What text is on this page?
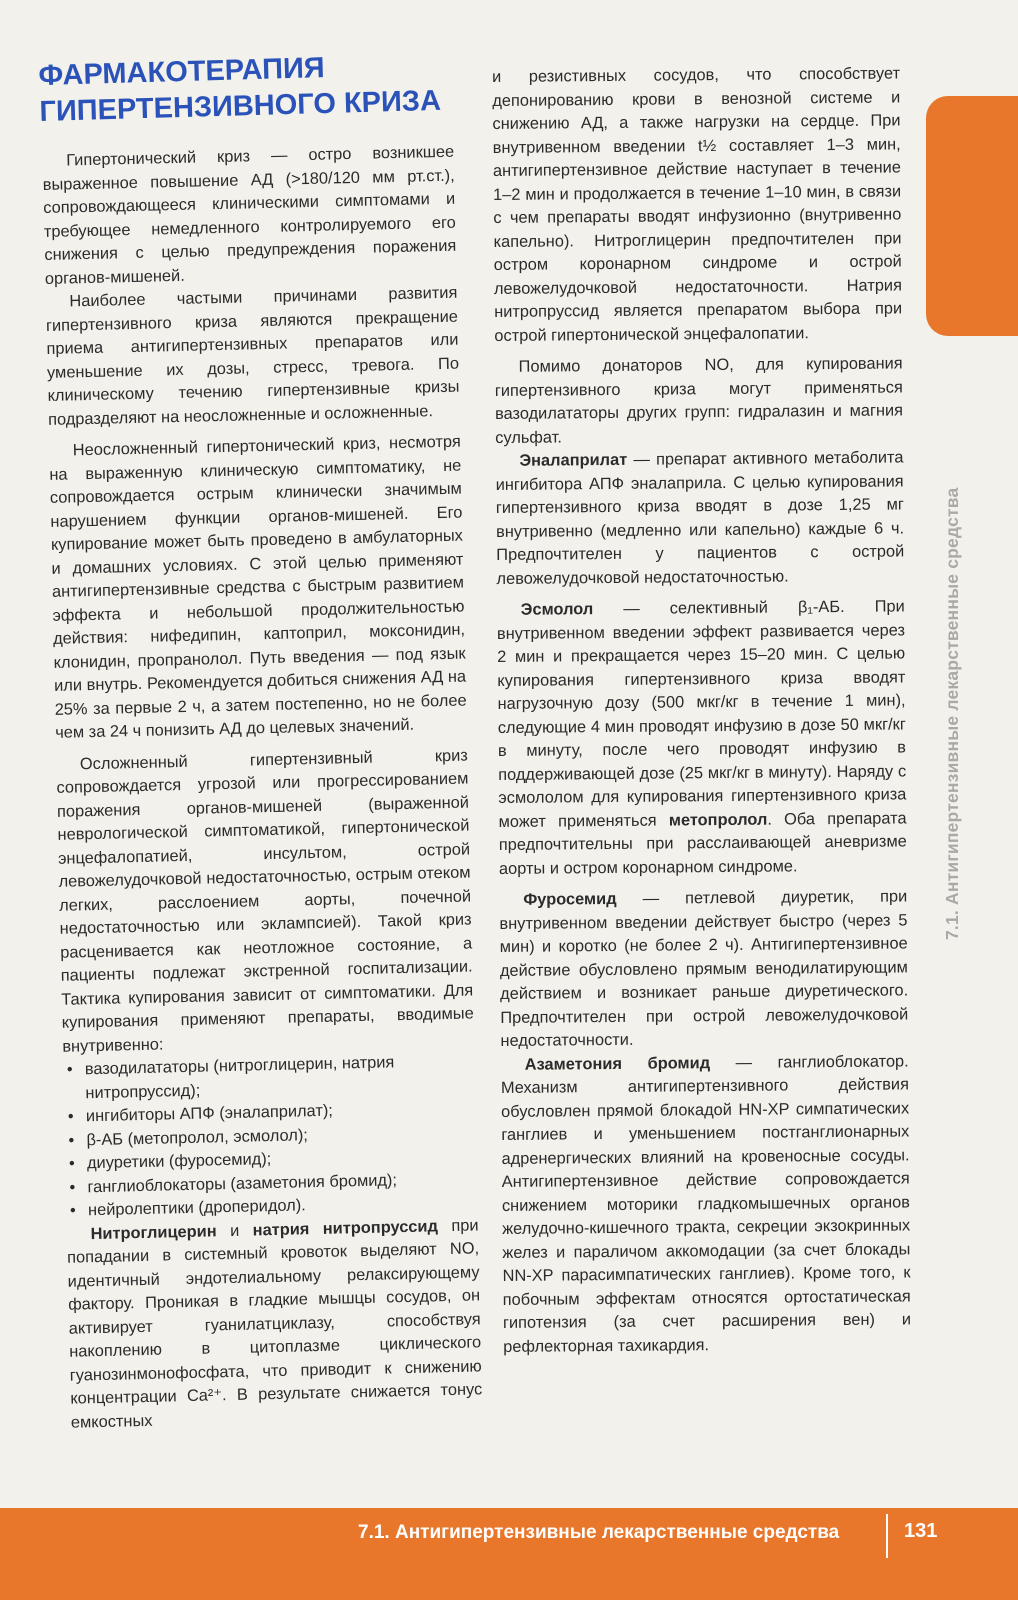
7.1. Антигипертензивные лекарственные средства
ФАРМАКОТЕРАПИЯ
ГИПЕРТЕНЗИВНОГО КРИЗА

Гипертонический криз — остро возникшее выраженное повышение АД (>180/120 мм рт.ст.), сопровождающееся клиническими симптомами и требующее немедленного контролируемого его снижения с целью предупреждения поражения органов-мишеней.

Наиболее частыми причинами развития гипертензивного криза являются прекращение приема антигипертензивных препаратов или уменьшение их дозы, стресс, тревога. По клиническому течению гипертензивные кризы подразделяют на неосложненные и осложненные.

Неосложненный гипертонический криз, несмотря на выраженную клиническую симптоматику, не сопровождается острым клинически значимым нарушением функции органов-мишеней. Его купирование может быть проведено в амбулаторных и домашних условиях. С этой целью применяют антигипертензивные средства с быстрым развитием эффекта и небольшой продолжительностью действия: нифедипин, каптоприл, моксонидин, клонидин, пропранолол. Путь введения — под язык или внутрь. Рекомендуется добиться снижения АД на 25% за первые 2 ч, а затем постепенно, но не более чем за 24 ч понизить АД до целевых значений.

Осложненный гипертензивный криз сопровождается угрозой или прогрессированием поражения органов-мишеней (выраженной неврологической симптоматикой, гипертонической энцефалопатией, инсультом, острой левожелудочковой недостаточностью, острым отеком легких, расслоением аорты, почечной недостаточностью или эклампсией). Такой криз расценивается как неотложное состояние, а пациенты подлежат экстренной госпитализации. Тактика купирования зависит от симптоматики. Для купирования применяют препараты, вводимые внутривенно:

• вазодилататоры (нитроглицерин, натрия нитропруссид);
• ингибиторы АПФ (эналаприлат);
• β-АБ (метопролол, эсмолол);
• диуретики (фуросемид);
• ганглиоблокаторы (азаметония бромид);
• нейролептики (дроперидол).

Нитроглицерин и натрия нитропруссид при попадании в системный кровоток выделяют NO, идентичный эндотелиальному релаксирующему фактору. Проникая в гладкие мышцы сосудов, он активирует гуанилатциклазу, способствуя накоплению в цитоплазме циклического гуанозинмонофосфата, что приводит к снижению концентрации Ca²⁺. В результате снижается тонус емкостных

и резистивных сосудов, что способствует депонированию крови в венозной системе и снижению АД, а также нагрузки на сердце. При внутривенном введении t½ составляет 1–3 мин, антигипертензивное действие наступает в течение 1–2 мин и продолжается в течение 1–10 мин, в связи с чем препараты вводят инфузионно (внутривенно капельно). Нитроглицерин предпочтителен при остром коронарном синдроме и острой левожелудочковой недостаточности. Натрия нитропруссид является препаратом выбора при острой гипертонической энцефалопатии.

Помимо донаторов NO, для купирования гипертензивного криза могут применяться вазодилататоры других групп: гидралазин и магния сульфат.

Эналаприлат — препарат активного метаболита ингибитора АПФ эналаприла. С целью купирования гипертензивного криза вводят в дозе 1,25 мг внутривенно (медленно или капельно) каждые 6 ч. Предпочтителен у пациентов с острой левожелудочковой недостаточностью.

Эсмолол — селективный β₁-АБ. При внутривенном введении эффект развивается через 2 мин и прекращается через 15–20 мин. С целью купирования гипертензивного криза вводят нагрузочную дозу (500 мкг/кг в течение 1 мин), следующие 4 мин проводят инфузию в дозе 50 мкг/кг в минуту, после чего проводят инфузию в поддерживающей дозе (25 мкг/кг в минуту). Наряду с эсмололом для купирования гипертензивного криза может применяться метопролол. Оба препарата предпочтительны при расслаивающей аневризме аорты и остром коронарном синдроме.

Фуросемид — петлевой диуретик, при внутривенном введении действует быстро (через 5 мин) и коротко (не более 2 ч). Антигипертензивное действие обусловлено прямым венодилатирующим действием и возникает раньше диуретического. Предпочтителен при острой левожелудочковой недостаточности.

Азаметония бромид — ганглиоблокатор. Механизм антигипертензивного действия обусловлен прямой блокадой HN-XP симпатических ганглиев и уменьшением постганглионарных адренергических влияний на кровеносные сосуды. Антигипертензивное действие сопровождается снижением моторики гладкомышечных органов желудочно-кишечного тракта, секреции экзокринных желез и параличом аккомодации (за счет блокады NN-XP парасимпатических ганглиев). Кроме того, к побочным эффектам относятся ортостатическая гипотензия (за счет расширения вен) и рефлекторная тахикардия.

7.1. Антигипертензивные лекарственные средства	131
